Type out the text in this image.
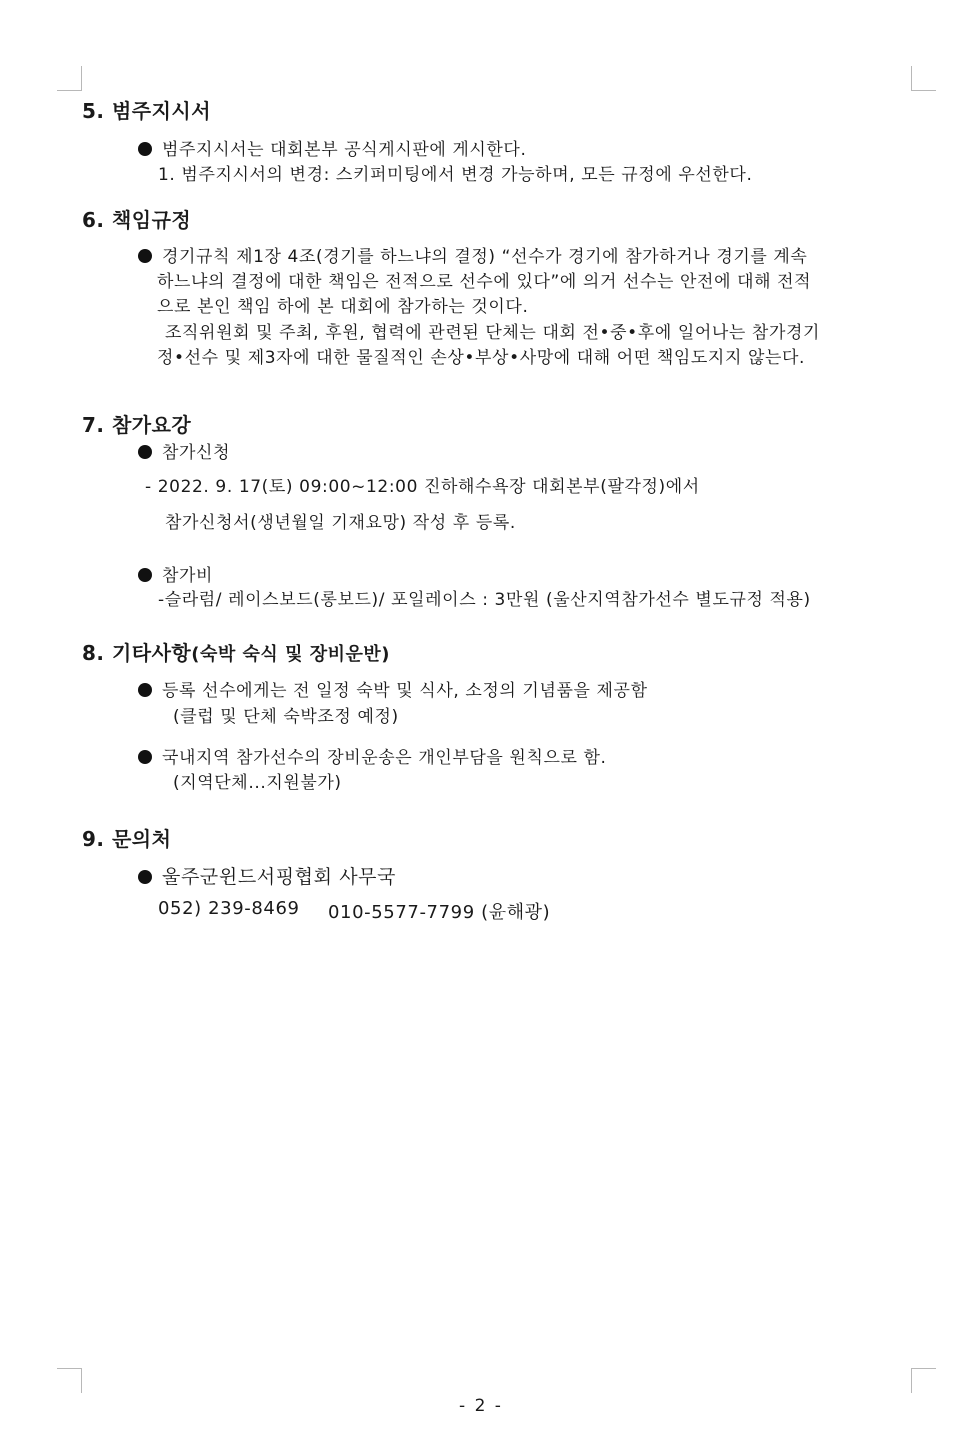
5. 범주지시서
범주지시서는 대회본부 공식게시판에 게시한다.
1. 범주지시서의 변경: 스키퍼미팅에서 변경 가능하며, 모든 규정에 우선한다.
6. 책임규정
경기규칙 제1장 4조(경기를 하느냐의 결정) “선수가 경기에 참가하거나 경기를 계속
하느냐의 결정에 대한 책임은 전적으로 선수에 있다”에 의거 선수는 안전에 대해 전적
으로 본인 책임 하에 본 대회에 참가하는 것이다.
조직위원회 및 주최, 후원, 협력에 관련된 단체는 대회 전•중•후에 일어나는 참가경기
정•선수 및 제3자에 대한 물질적인 손상•부상•사망에 대해 어떤 책임도지지 않는다.
7. 참가요강
참가신청
- 2022. 9. 17(토) 09:00~12:00 진하해수욕장 대회본부(팔각정)에서
참가신청서(생년월일 기재요망) 작성 후 등록.
참가비
-슬라럼/ 레이스보드(롱보드)/ 포일레이스 : 3만원 (울산지역참가선수 별도규정 적용)
8. 기타사항(숙박 숙식 및 장비운반)
등록 선수에게는 전 일정 숙박 및 식사, 소정의 기념품을 제공함
(클럽 및 단체 숙박조정 예정)
국내지역 참가선수의 장비운송은 개인부담을 원칙으로 함.
(지역단체...지원불가)
9. 문의처
울주군윈드서핑협회 사무국
052) 239-8469 010-5577-7799 (윤해광)
- 2 -
